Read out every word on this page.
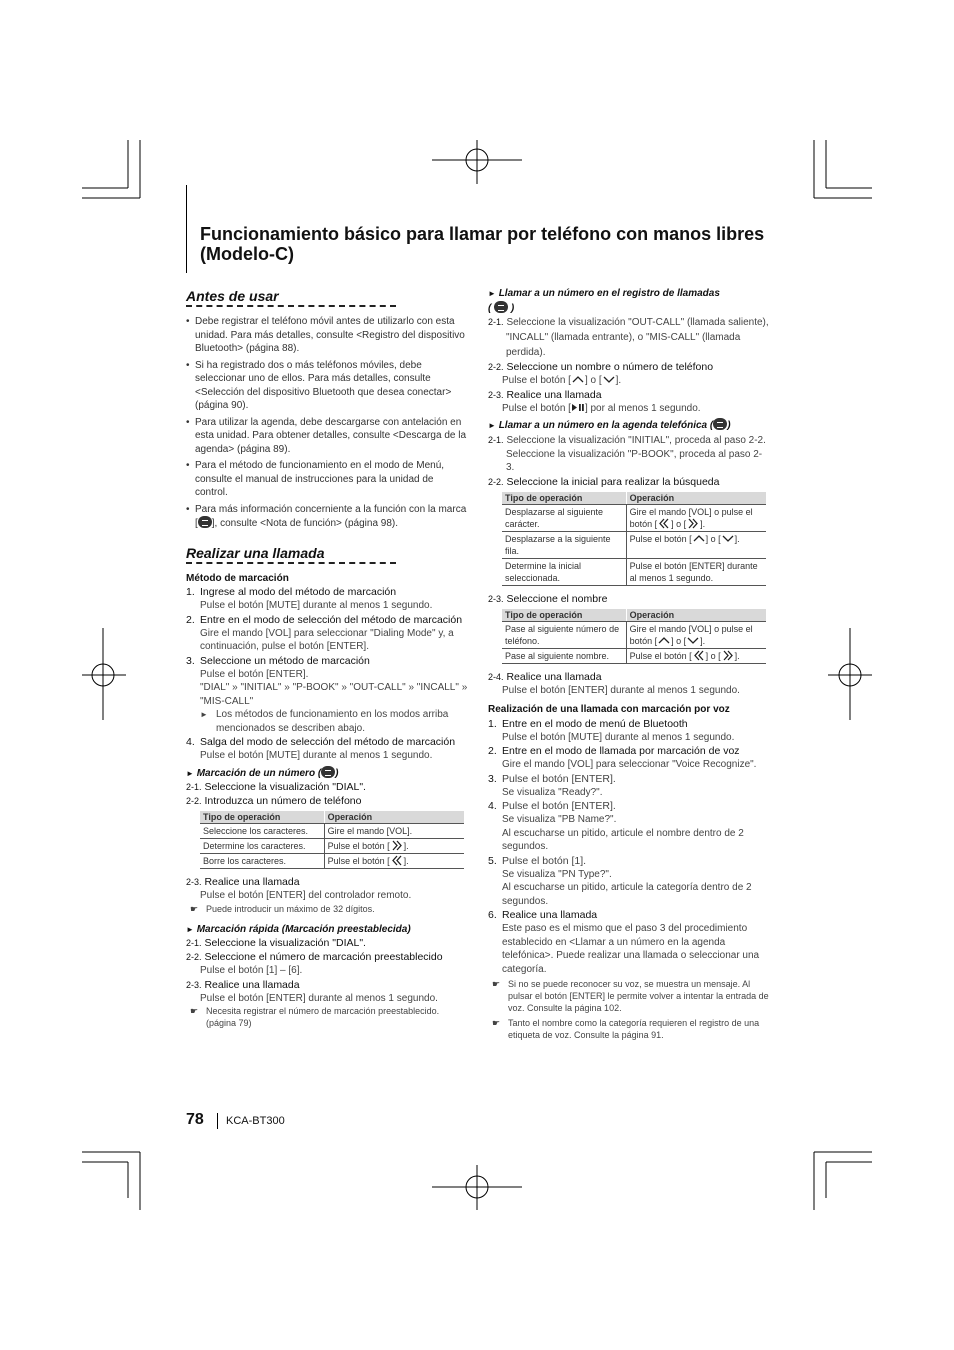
Funcionamiento básico para llamar por teléfono con manos libres (Modelo-C)
Antes de usar
• Debe registrar el teléfono móvil antes de utilizarlo con esta unidad. Para más detalles, consulte <Registro del dispositivo Bluetooth> (página 88).
• Si ha registrado dos o más teléfonos móviles, debe seleccionar uno de ellos. Para más detalles, consulte <Selección del dispositivo Bluetooth que desea conectar> (página 90).
• Para utilizar la agenda, debe descargarse con antelación en esta unidad. Para obtener detalles, consulte <Descarga de la agenda> (página 89).
• Para el método de funcionamiento en el modo de Menú, consulte el manual de instrucciones para la unidad de control.
• Para más información concerniente a la función con la marca [ ], consulte <Nota de función> (página 98).
Realizar una llamada
Método de marcación
1. Ingrese al modo del método de marcación
Pulse el botón [MUTE] durante al menos 1 segundo.
2. Entre en el modo de selección del método de marcación
Gire el mando [VOL] para seleccionar "Dialing Mode" y, a continuación, pulse el botón [ENTER].
3. Seleccione un método de marcación
Pulse el botón [ENTER].
"DIAL" » "INITIAL" » "P-BOOK" » "OUT-CALL" » "INCALL" » "MIS-CALL"
► Los métodos de funcionamiento en los modos arriba mencionados se describen abajo.
4. Salga del modo de selección del método de marcación
Pulse el botón [MUTE] durante al menos 1 segundo.
► Marcación de un número ( )
2-1. Seleccione la visualización "DIAL".
2-2. Introduzca un número de teléfono
Tipo de operación	Operación
Seleccione los caracteres.	Gire el mando [VOL].
Determine los caracteres.	Pulse el botón [ ].
Borre los caracteres.	Pulse el botón [ ].
2-3. Realice una llamada
Pulse el botón [ENTER] del controlador remoto.
☛ Puede introducir un máximo de 32 dígitos.
► Marcación rápida (Marcación preestablecida)
2-1. Seleccione la visualización "DIAL".
2-2. Seleccione el número de marcación preestablecido
Pulse el botón [1] – [6].
2-3. Realice una llamada
Pulse el botón [ENTER] durante al menos 1 segundo.
☛ Necesita registrar el número de marcación preestablecido. (página 79)
► Llamar a un número en el registro de llamadas
( )
2-1. Seleccione la visualización "OUT-CALL" (llamada saliente), "INCALL" (llamada entrante), o "MIS-CALL" (llamada perdida).
2-2. Seleccione un nombre o número de teléfono
Pulse el botón [ ] o [ ].
2-3. Realice una llamada
Pulse el botón [ ] por al menos 1 segundo.
► Llamar a un número en la agenda telefónica ( )
2-1. Seleccione la visualización "INITIAL", proceda al paso 2-2.
Seleccione la visualización "P-BOOK", proceda al paso 2-3.
2-2. Seleccione la inicial para realizar la búsqueda
Tipo de operación	Operación
Desplazarse al siguiente carácter.	Gire el mando [VOL] o pulse el botón [ ] o [ ].
Desplazarse a la siguiente fila.	Pulse el botón [ ] o [ ].
Determine la inicial seleccionada.	Pulse el botón [ENTER] durante al menos 1 segundo.
2-3. Seleccione el nombre
Tipo de operación	Operación
Pase al siguiente número de teléfono.	Gire el mando [VOL] o pulse el botón [ ] o [ ].
Pase al siguiente nombre.	Pulse el botón [ ] o [ ].
2-4. Realice una llamada
Pulse el botón [ENTER] durante al menos 1 segundo.
Realización de una llamada con marcación por voz
1. Entre en el modo de menú de Bluetooth
Pulse el botón [MUTE] durante al menos 1 segundo.
2. Entre en el modo de llamada por marcación de voz
Gire el mando [VOL] para seleccionar "Voice Recognize".
3. Pulse el botón [ENTER].
Se visualiza "Ready?".
4. Pulse el botón [ENTER].
Se visualiza "PB Name?".
Al escucharse un pitido, articule el nombre dentro de 2 segundos.
5. Pulse el botón [1].
Se visualiza "PN Type?".
Al escucharse un pitido, articule la categoría dentro de 2 segundos.
6. Realice una llamada
Este paso es el mismo que el paso 3 del procedimiento establecido en <Llamar a un número en la agenda telefónica>. Puede realizar una llamada o seleccionar una categoría.
☛ Si no se puede reconocer su voz, se muestra un mensaje. Al pulsar el botón [ENTER] le permite volver a intentar la entrada de voz. Consulte la página 102.
☛ Tanto el nombre como la categoría requieren el registro de una etiqueta de voz. Consulte la página 91.
78 KCA-BT300
